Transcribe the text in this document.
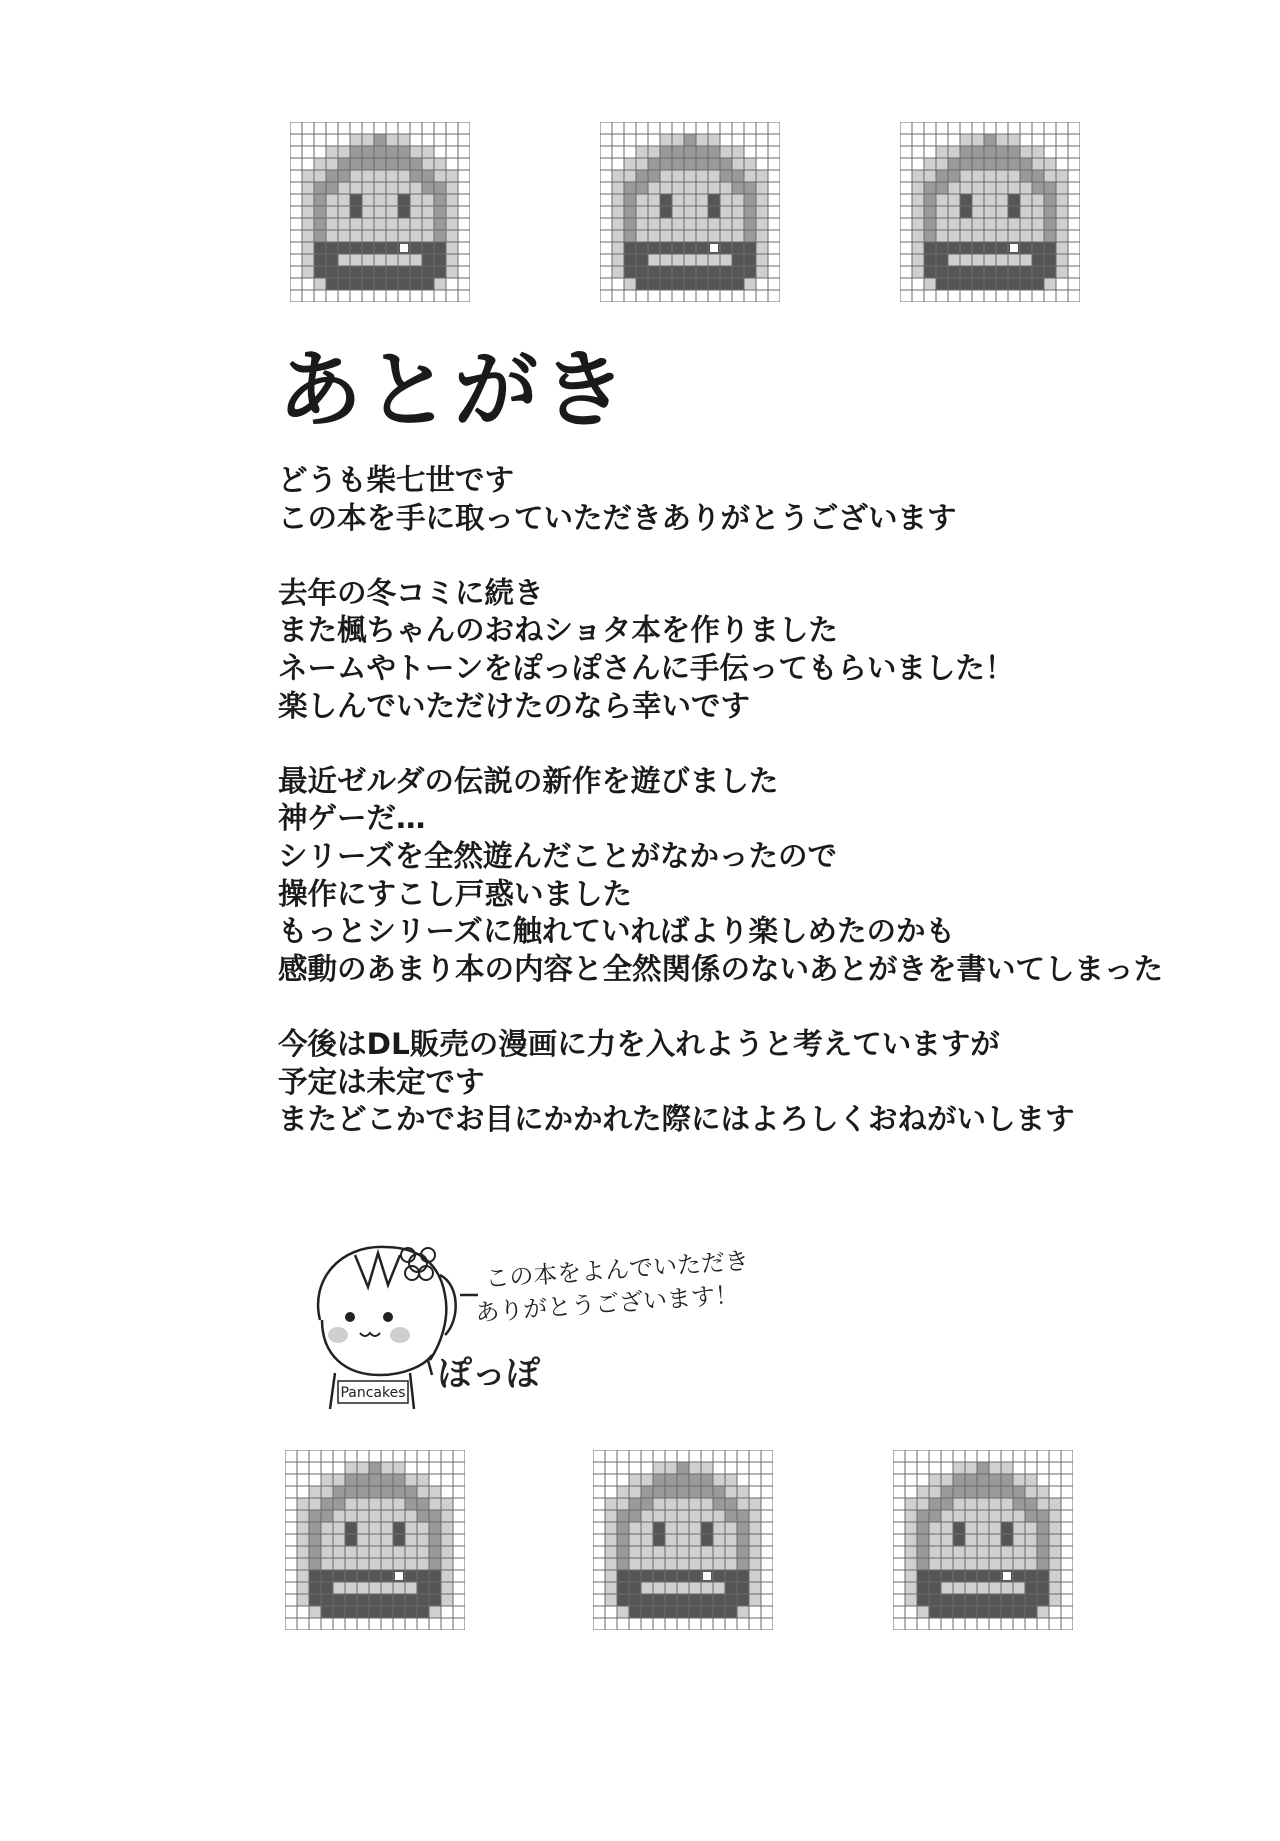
あとがき
どうも柴七世です
この本を手に取っていただきありがとうございます
去年の冬コミに続き
また楓ちゃんのおねショタ本を作りました
ネームやトーンをぽっぽさんに手伝ってもらいました！
楽しんでいただけたのなら幸いです
最近ゼルダの伝説の新作を遊びました
神ゲーだ…
シリーズを全然遊んだことがなかったので
操作にすこし戸惑いました
もっとシリーズに触れていればより楽しめたのかも
感動のあまり本の内容と全然関係のないあとがきを書いてしまった
今後はDL販売の漫画に力を入れようと考えていますが
予定は未定です
またどこかでお目にかかれた際にはよろしくおねがいします
Pancakes
この本をよんでいただき
ありがとうございます！
ぽっぽ
